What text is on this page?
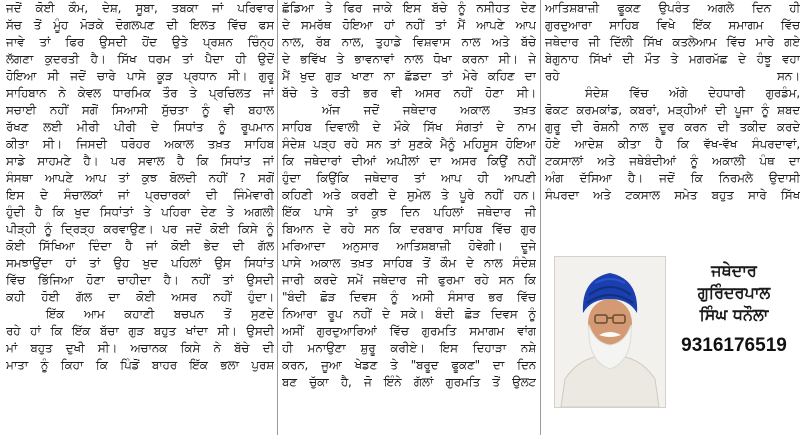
ਜਦੋਂ ਕੋਈ ਕੌਮ, ਦੇਸ਼, ਸੂਬਾ, ਤਬਕਾ ਜਾਂ ਪਰਿਵਾਰ
ਸੱਚ ਤੋਂ ਮੂੰਹ ਮੋੜਕੇ ਦੋਗਲਪਣ ਦੀ ਇਲਤ ਵਿੱਚ ਫਸ
ਜਾਵੇ ਤਾਂ ਫਿਰ ਉਸਦੀ ਹੋਂਦ ਉਤੇ ਪ੍ਰਸ਼ਨ ਚਿੰਨ੍ਹ
ਲੱਗਣਾ ਕੁਦਰਤੀ ਹੈ। ਸਿੱਖ ਧਰਮ ਤਾਂ ਪੈਦਾ ਹੀ ਉਦੋਂ
ਹੋਇਆ ਸੀ ਜਦੋਂ ਚਾਰੇ ਪਾਸੇ ਕੂੜ ਪ੍ਰਧਾਨ ਸੀ। ਗੁਰੂ
ਸਾਹਿਬਾਨ ਨੇ ਕੇਵਲ ਧਾਰਮਿਕ ਤੌਰ ਤੇ ਪ੍ਰਚਿਲਤ ਜਾਂ
ਸਚਾਈ ਨਹੀਂ ਸਗੋਂ ਸਿਆਸੀ ਸੁੱਚਤਾ ਨੂੰ ਵੀ ਬਹਾਲ
ਰੱਖਣ ਲਈ ਮੀਰੀ ਪੀਰੀ ਦੇ ਸਿਧਾਂਤ ਨੂੰ ਰੂਪਮਾਨ
ਕੀਤਾ ਸੀ। ਜਿਸਦੀ ਧਰੋਹਰ ਅਕਾਲ ਤਖ਼ਤ ਸਾਹਿਬ
ਸਾਡੇ ਸਾਹਮਣੇ ਹੈ। ਪਰ ਸਵਾਲ ਹੈ ਕਿ ਸਿਧਾਂਤ ਜਾਂ
ਸੰਸਥਾ ਆਪਣੇ ਆਪ ਤਾਂ ਕੁਝ ਬੋਲਦੀ ਨਹੀਂ ? ਸਗੋਂ
ਇਸ ਦੇ ਸੰਚਾਲਕਾਂ ਜਾਂ ਪ੍ਰਚਾਰਕਾਂ ਦੀ ਜਿੰਮੇਵਾਰੀ
ਹੁੰਦੀ ਹੈ ਕਿ ਖੁਦ ਸਿਧਾਂਤਾਂ ਤੇ ਪਹਿਰਾ ਦੇਣ ਤੇ ਅਗਲੀ
ਪੀੜ੍ਹੀ ਨੂੰ ਦ੍ਰਿੜ੍ਹ ਕਰਵਾਉਣ। ਪਰ ਜਦੋਂ ਕੋਈ ਕਿਸੇ ਨੂੰ
ਕੋਈ ਸਿੱਖਿਆ ਦਿੰਦਾ ਹੈ ਜਾਂ ਕੋਈ ਭੇਦ ਦੀ ਗੱਲ
ਸਮਝਾਉਂਦਾ ਹਾਂ ਤਾਂ ਉਹ ਖੁਦ ਪਹਿਲਾਂ ਉਸ ਸਿਧਾਂਤ
ਵਿੱਚ ਭਿੱਜਿਆ ਹੋਣਾ ਚਾਹੀਦਾ ਹੈ। ਨਹੀਂ ਤਾਂ ਉਸਦੀ
ਕਹੀ ਹੋਈ ਗੱਲ ਦਾ ਕੋਈ ਅਸਰ ਨਹੀਂ ਹੁੰਦਾ।
ਇੱਕ ਆਮ ਕਹਾਣੀ ਬਚਪਨ ਤੋਂ ਸੁਣਦੇ
ਰਹੇ ਹਾਂ ਕਿ ਇੱਕ ਬੱਚਾ ਗੁੜ ਬਹੁਤ ਖਾਂਦਾ ਸੀ। ਉਸਦੀ
ਮਾਂ ਬਹੁਤ ਦੁਖੀ ਸੀ। ਅਚਾਨਕ ਕਿਸੇ ਨੇ ਬੱਚੇ ਦੀ
ਮਾਤਾ ਨੂੰ ਕਿਹਾ ਕਿ ਪਿੰਡੋਂ ਬਾਹਰ ਇੱਕ ਭਲਾ ਪੁਰਸ਼
ਛੱਡਿਆ ਤੇ ਫਿਰ ਜਾਕੇ ਇਸ ਬੱਚੇ ਨੂੰ ਨਸੀਹਤ ਦੇਣ
ਦੇ ਸਮਰੱਥ ਹੋਇਆ ਹਾਂ ਨਹੀਂ ਤਾਂ ਮੈਂ ਆਪਣੇ ਆਪ
ਨਾਲ, ਰੱਬ ਨਾਲ, ਤੁਹਾਡੇ ਵਿਸ਼ਵਾਸ ਨਾਲ ਅਤੇ ਬੱਚੇ
ਦੇ ਭਵਿੱਖ ਤੇ ਭਾਵਨਾਵਾਂ ਨਾਲ ਧੋਖਾ ਕਰਨਾ ਸੀ। ਜੇ
ਮੈਂ ਖੁਦ ਗੁੜ ਖਾਣਾ ਨਾ ਛੱਡਦਾ ਤਾਂ ਮੇਰੇ ਕਹਿਣ ਦਾ
ਬੱਚੇ ਤੇ ਰਤੀ ਭਰ ਵੀ ਅਸਰ ਨਹੀਂ ਹੋਣਾ ਸੀ।
ਅੱਜ ਜਦੋਂ ਜਥੇਦਾਰ ਅਕਾਲ ਤਖ਼ਤ
ਸਾਹਿਬ ਦਿਵਾਲੀ ਦੇ ਮੌਕੇ ਸਿੱਖ ਸੰਗਤਾਂ ਦੇ ਨਾਮ
ਸੰਦੇਸ਼ ਪੜ੍ਹ ਰਹੇ ਸਨ ਤਾਂ ਸੁਣਕੇ ਮੈਨੂੰ ਮਹਿਸੂਸ ਹੋਇਆ
ਕਿ ਜਥੇਦਾਰਾਂ ਦੀਆਂ ਅਪੀਲਾਂ ਦਾ ਅਸਰ ਕਿਉਂ ਨਹੀਂ
ਹੁੰਦਾ ਕਿਉਂਕਿ ਜਥੇਦਾਰ ਤਾਂ ਆਪ ਹੀ ਆਪਣੀ
ਕਹਿਣੀ ਅਤੇ ਕਰਣੀ ਦੇ ਸੁਮੇਲ ਤੇ ਪੂਰੇ ਨਹੀਂ ਹਨ।
ਇੱਕ ਪਾਸੇ ਤਾਂ ਕੁਝ ਦਿਨ ਪਹਿਲਾਂ ਜਥੇਦਾਰ ਜੀ
ਬਿਆਨ ਦੇ ਰਹੇ ਸਨ ਕਿ ਦਰਬਾਰ ਸਾਹਿਬ ਵਿੱਚ ਗੁਰ
ਮਰਿਆਦਾ ਅਨੁਸਾਰ ਆਤਿਸ਼ਬਾਜ਼ੀ ਹੋਵੇਗੀ। ਦੂਜੇ
ਪਾਸੇ ਅਕਾਲ ਤਖ਼ਤ ਸਾਹਿਬ ਤੋਂ ਕੌਮ ਦੇ ਨਾਲ ਸੰਦੇਸ਼
ਜਾਰੀ ਕਰਦੇ ਸਮੇਂ ਜਥੇਦਾਰ ਜੀ ਫੁਰਮਾ ਰਹੇ ਸਨ ਕਿ
"ਬੰਦੀ ਛੋੜ ਦਿਵਸ ਨੂੰ ਅਸੀ ਸੰਸਾਰ ਭਰ ਵਿੱਚ
ਨਿਆਰਾ ਰੂਪ ਨਹੀਂ ਦੇ ਸਕੇ। ਬੰਦੀ ਛੋੜ ਦਿਵਸ ਨੂੰ
ਅਸੀਂ ਗੁਰਦੁਆਰਿਆਂ ਵਿੱਚ ਗੁਰਮਤਿ ਸਮਾਗਮ ਵਾਂਗ
ਹੀ ਮਨਾਉਣਾ ਸ਼ੁਰੂ ਕਰੀਏ। ਇਸ ਦਿਹਾੜਾ ਨਸ਼ੇ
ਕਰਨ, ਜੂਆ ਖੇਡਣ ਤੇ "ਬਰੂਦ ਫੂਕਣ" ਦਾ ਦਿਨ
ਬਣ ਚੁੱਕਾ ਹੈ, ਜੋ ਇੰਨੇ ਗੱਲਾਂ ਗੁਰਮਤਿ ਤੋਂ ਉਲਟ
ਆਤਿਸ਼ਬਾਜ਼ੀ ਫੂਕਣ ਉਪਰੰਤ ਅਗਲੇ ਦਿਨ ਹੀ
ਗੁਰਦੁਆਰਾ ਸਾਹਿਬ ਵਿਖੇ ਇੱਕ ਸਮਾਗਮ ਵਿੱਚ
ਜਥੇਦਾਰ ਜੀ ਦਿੱਲੀ ਸਿੱਖ ਕਤਲੇਆਮ ਵਿੱਚ ਮਾਰੇ ਗਏ
ਬੇਗੁਨਾਹ ਸਿੱਖਾਂ ਦੀ ਮੌਤ ਤੇ ਮਗਰਮੱਛ ਦੇ ਹੰਝੂ ਵਹਾ
ਰਹੇ ਸਨ।
ਸੰਦੇਸ਼ ਵਿੱਚ ਅੱਗੇ ਦੇਹਧਾਰੀ ਗੁਰਡੰਮ,
ਫੋਕਟ ਕਰਮਕਾਂਡ, ਕਬਰਾਂ, ਮੜ੍ਹੀਆਂ ਦੀ ਪੂਜਾ ਨੂੰ ਸ਼ਬਦ
ਗੁਰੂ ਦੀ ਰੋਸ਼ਨੀ ਨਾਲ ਦੂਰ ਕਰਨ ਦੀ ਤਕੀਦ ਕਰਦੇ
ਹੋਏ ਆਦੇਸ਼ ਕੀਤਾ ਹੈ ਕਿ ਵੱਖ-ਵੱਖ ਸੰਪਰਦਾਵਾਂ,
ਟਕਸਾਲਾਂ ਅਤੇ ਜਥੇਬੰਦੀਆਂ ਨੂੰ ਅਕਾਲੀ ਪੰਥ ਦਾ
ਅੰਗ ਦੱਸਿਆ ਹੈ। ਜਦੋਂ ਕਿ ਨਿਰਮਲੇ ਉਦਾਸੀ
ਸੰਪਰਦਾ ਅਤੇ ਟਕਸਾਲ ਸਮੇਤ ਬਹੁਤ ਸਾਰੇ ਸਿੱਖ
ਜਥੇਦਾਰ
ਗੁਰਿੰਦਰਪਾਲ
ਸਿੰਘ ਧਨੌਲਾ
9316176519
